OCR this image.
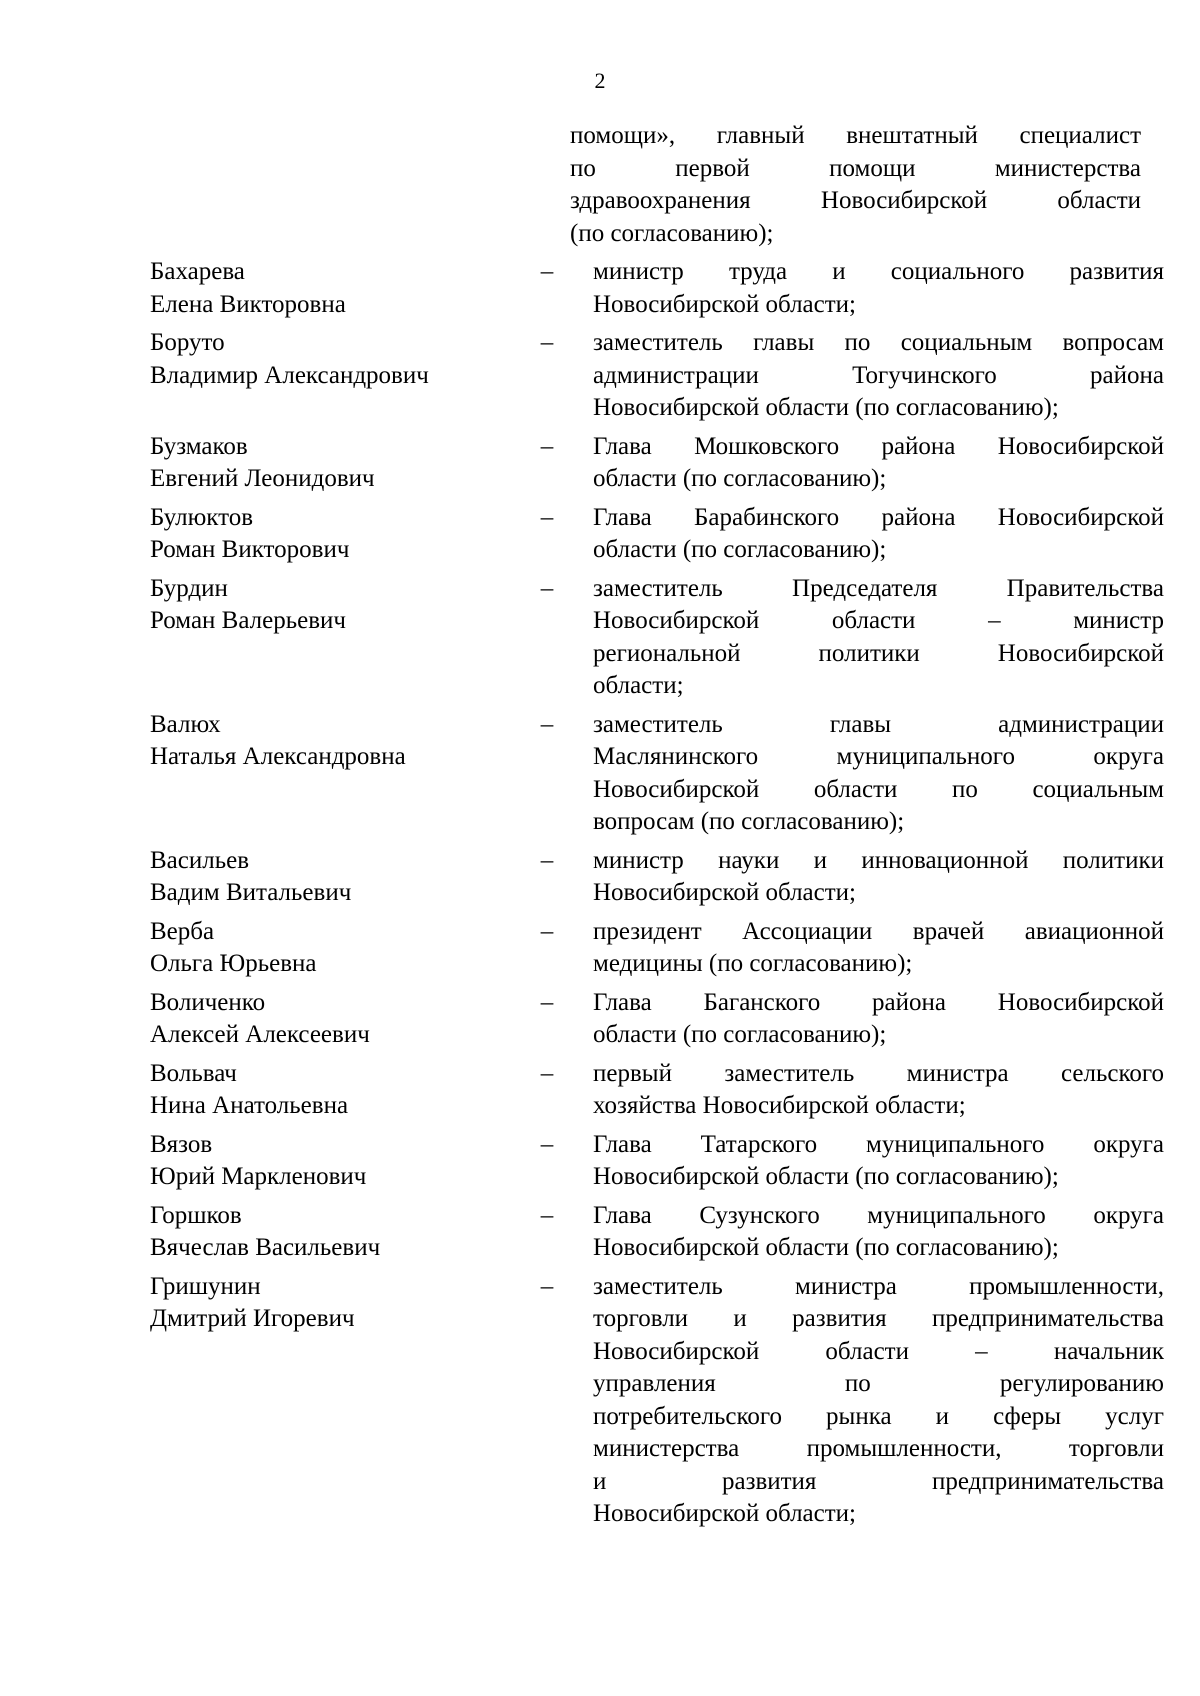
2
помощи», главный внештатный специалист
по первой помощи министерства
здравоохранения Новосибирской области
(по согласованию);
Бахарева
Елена Викторовна
–	министр труда и социального развития
Новосибирской области;
Боруто
Владимир Александрович
–	заместитель главы по социальным вопросам
администрации Тогучинского района
Новосибирской области (по согласованию);
Бузмаков
Евгений Леонидович
–	Глава Мошковского района Новосибирской
области (по согласованию);
Булюктов
Роман Викторович
–	Глава Барабинского района Новосибирской
области (по согласованию);
Бурдин
Роман Валерьевич
–	заместитель Председателя Правительства
Новосибирской области – министр
региональной политики Новосибирской
области;
Валюх
Наталья Александровна
–	заместитель главы администрации
Маслянинского муниципального округа
Новосибирской области по социальным
вопросам (по согласованию);
Васильев
Вадим Витальевич
–	министр науки и инновационной политики
Новосибирской области;
Верба
Ольга Юрьевна
–	президент Ассоциации врачей авиационной
медицины (по согласованию);
Воличенко
Алексей Алексеевич
–	Глава Баганского района Новосибирской
области (по согласованию);
Вольвач
Нина Анатольевна
–	первый заместитель министра сельского
хозяйства Новосибирской области;
Вязов
Юрий Маркленович
–	Глава Татарского муниципального округа
Новосибирской области (по согласованию);
Горшков
Вячеслав Васильевич
–	Глава Сузунского муниципального округа
Новосибирской области (по согласованию);
Гришунин
Дмитрий Игоревич
–	заместитель министра промышленности,
торговли и развития предпринимательства
Новосибирской области – начальник
управления по регулированию
потребительского рынка и сферы услуг
министерства промышленности, торговли
и развития предпринимательства
Новосибирской области;
